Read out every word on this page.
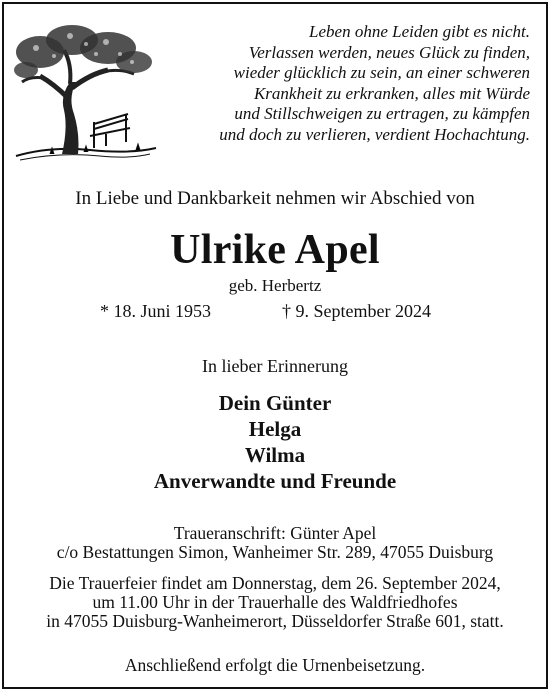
Leben ohne Leiden gibt es nicht.
Verlassen werden, neues Glück zu finden,
wieder glücklich zu sein, an einer schweren
Krankheit zu erkranken, alles mit Würde
und Stillschweigen zu ertragen, zu kämpfen
und doch zu verlieren, verdient Hochachtung.
In Liebe und Dankbarkeit nehmen wir Abschied von
Ulrike Apel
geb. Herbertz
* 18. Juni 1953	† 9. September 2024
In lieber Erinnerung
Dein Günter
Helga
Wilma
Anverwandte und Freunde
Traueranschrift: Günter Apel
c/o Bestattungen Simon, Wanheimer Str. 289, 47055 Duisburg
Die Trauerfeier findet am Donnerstag, dem 26. September 2024,
um 11.00 Uhr in der Trauerhalle des Waldfriedhofes
in 47055 Duisburg-Wanheimerort, Düsseldorfer Straße 601, statt.
Anschließend erfolgt die Urnenbeisetzung.
